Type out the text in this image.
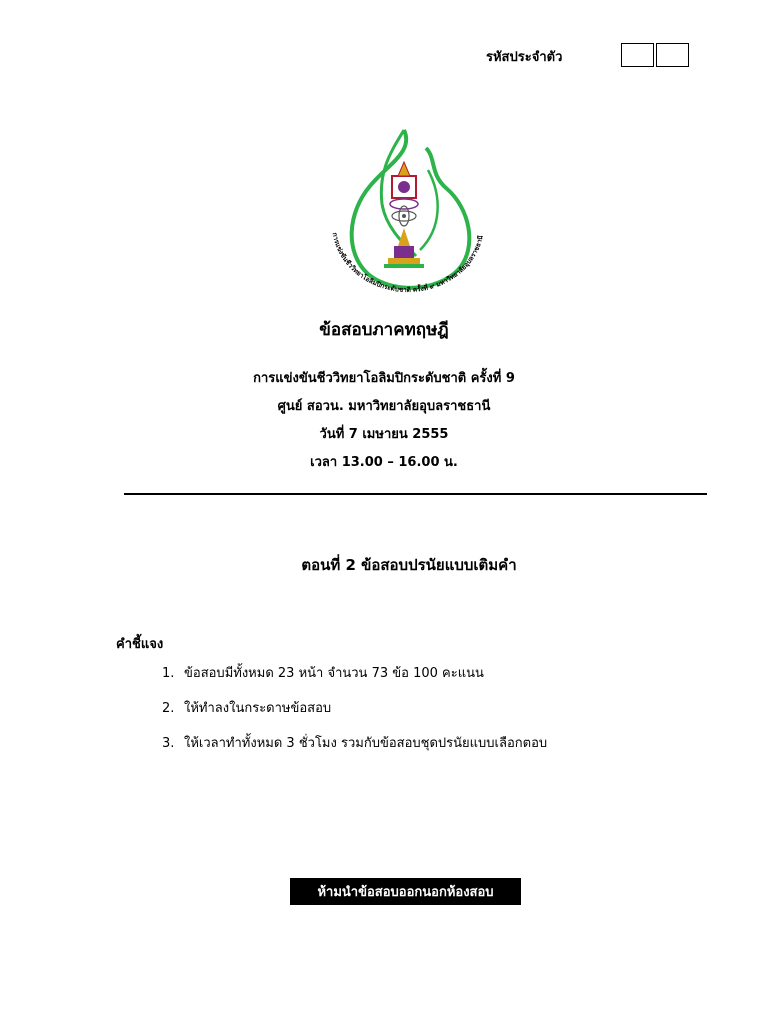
รหัสประจำตัว
การแข่งขันชีววิทยาโอลิมปิกระดับชาติ ครั้งที่ ๙ มหาวิทยาลัยอุบลราชธานี
ข้อสอบภาคทฤษฎี
การแข่งขันชีววิทยาโอลิมปิกระดับชาติ ครั้งที่ 9
ศูนย์ สอวน. มหาวิทยาลัยอุบลราชธานี
วันที่ 7 เมษายน 2555
เวลา 13.00 – 16.00 น.
ตอนที่ 2 ข้อสอบปรนัยแบบเติมคำ
คำชี้แจง
1. ข้อสอบมีทั้งหมด 23 หน้า จำนวน 73 ข้อ 100 คะแนน
2. ให้ทำลงในกระดาษข้อสอบ
3. ให้เวลาทำทั้งหมด 3 ชั่วโมง รวมกับข้อสอบชุดปรนัยแบบเลือกตอบ
ห้ามนำข้อสอบออกนอกห้องสอบ
